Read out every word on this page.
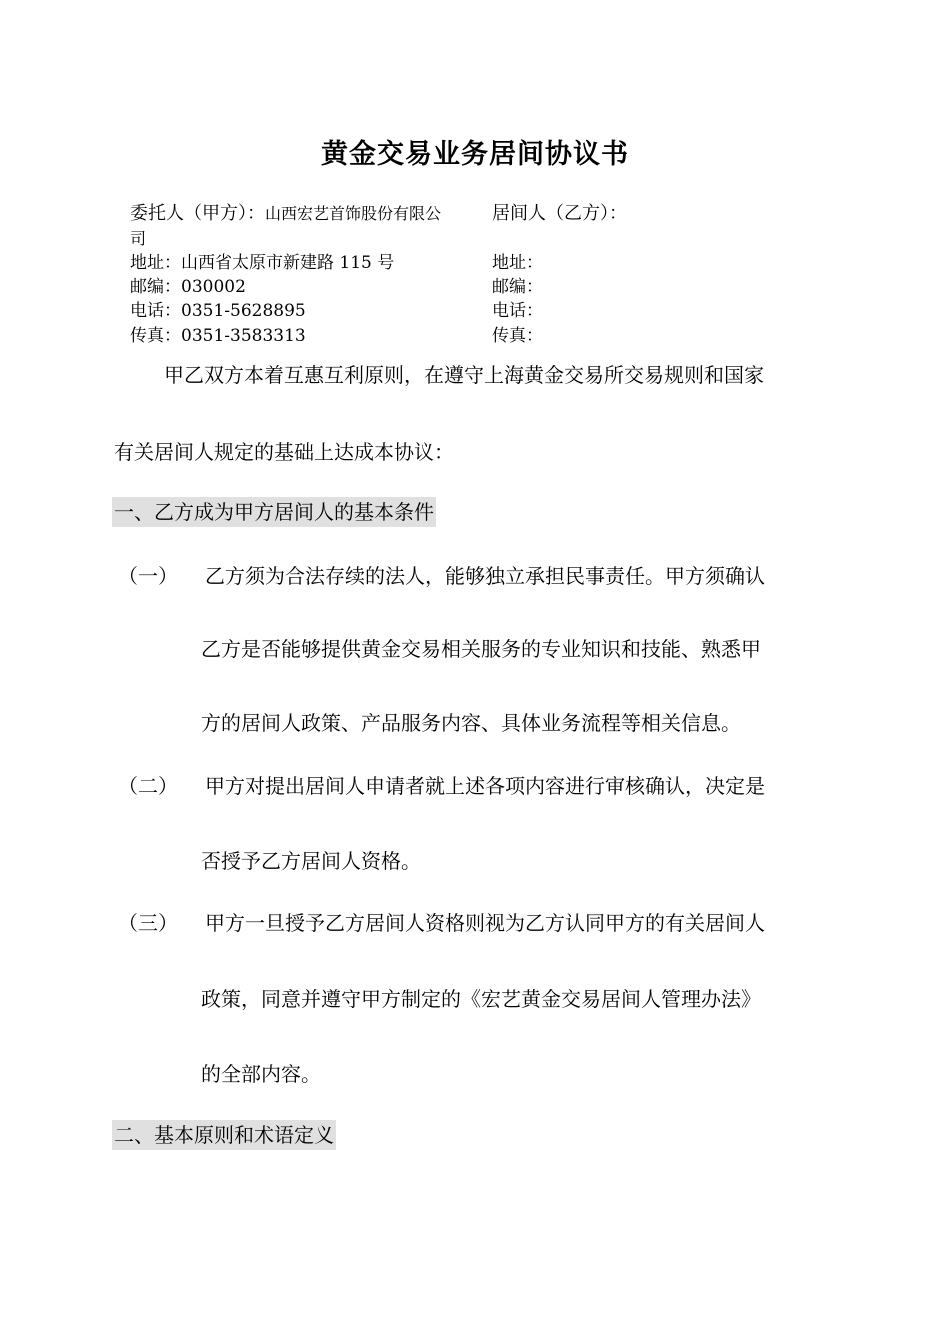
黄金交易业务居间协议书
委托人（甲方）：山西宏艺首饰股份有限公
司
地址：山西省太原市新建路 115 号
邮编：030002
电话：0351-5628895
传真：0351-3583313
居间人（乙方）：
地址：
邮编：
电话：
传真：
甲乙双方本着互惠互利原则，在遵守上海黄金交易所交易规则和国家
有关居间人规定的基础上达成本协议：
一、乙方成为甲方居间人的基本条件
（一） 乙方须为合法存续的法人，能够独立承担民事责任。甲方须确认
乙方是否能够提供黄金交易相关服务的专业知识和技能、熟悉甲
方的居间人政策、产品服务内容、具体业务流程等相关信息。
（二） 甲方对提出居间人申请者就上述各项内容进行审核确认，决定是
否授予乙方居间人资格。
（三） 甲方一旦授予乙方居间人资格则视为乙方认同甲方的有关居间人
政策，同意并遵守甲方制定的《宏艺黄金交易居间人管理办法》
的全部内容。
二、基本原则和术语定义
